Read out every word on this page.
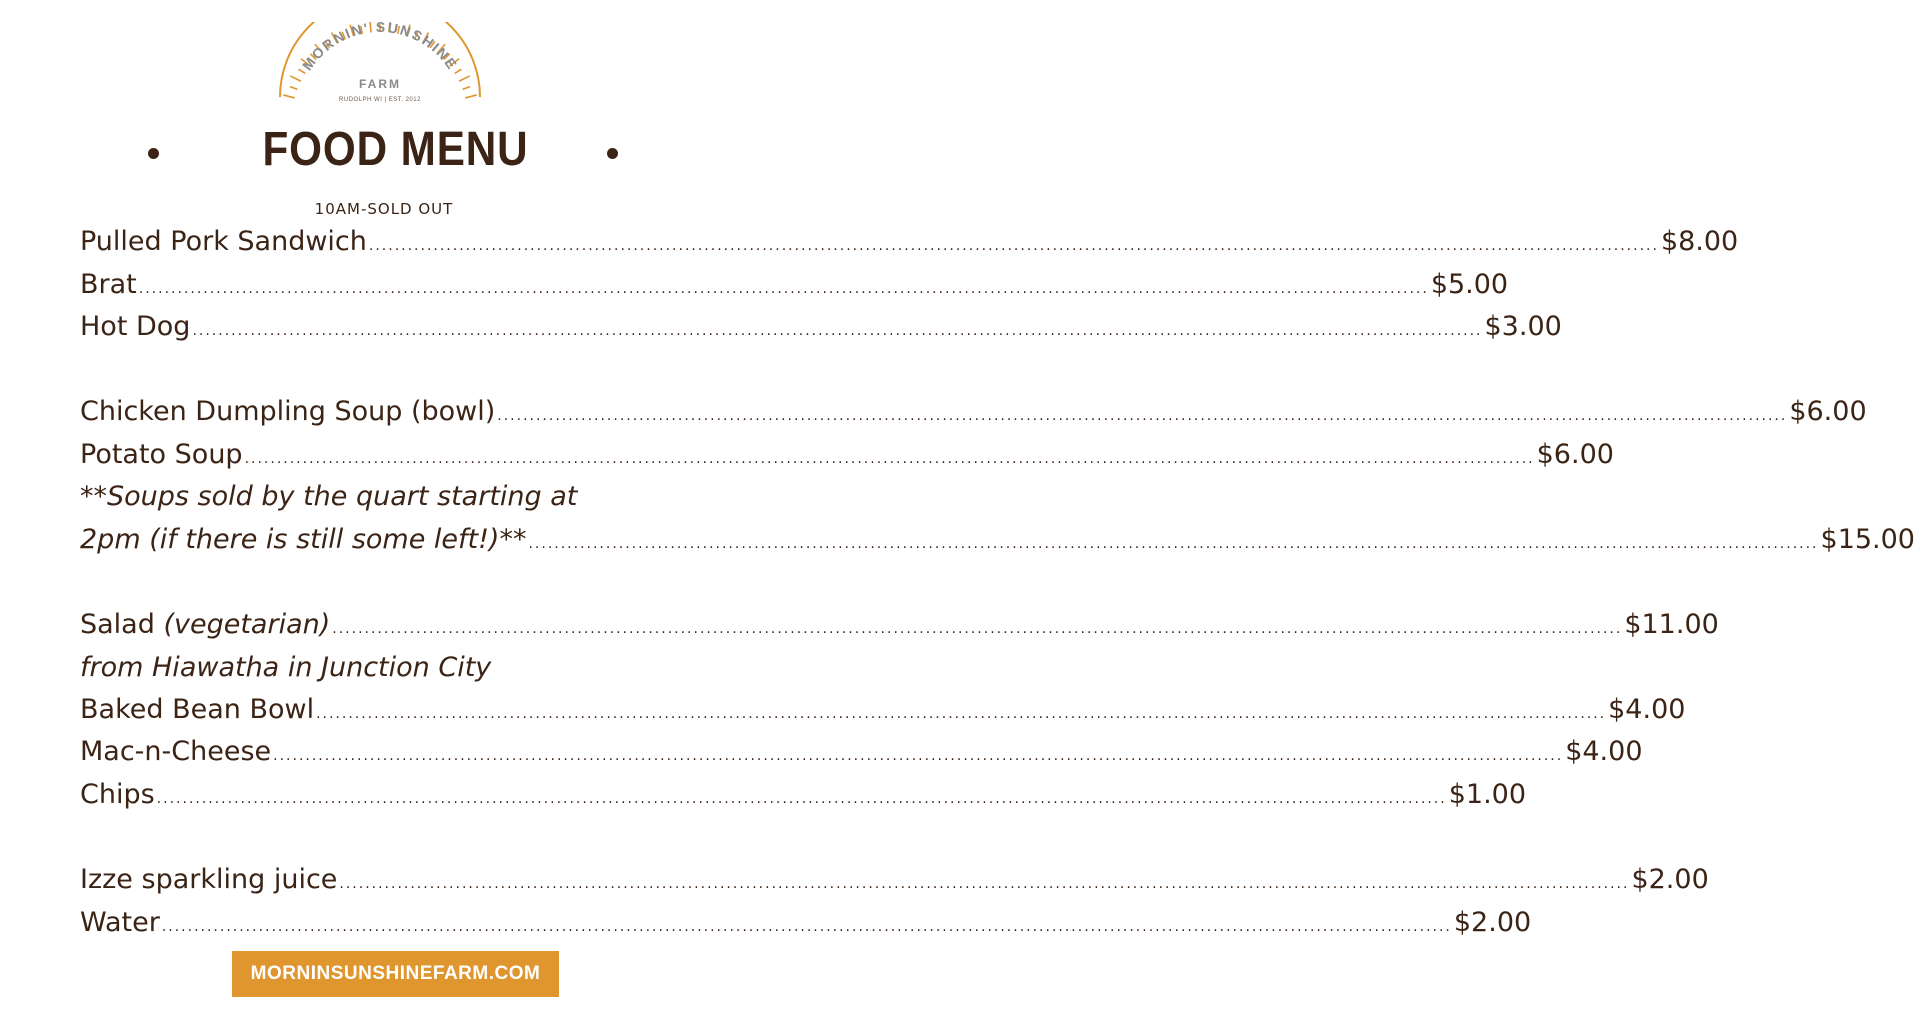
MORNIN' SUNSHINE
FARM
RUDOLPH WI | EST. 2012
FOOD MENU
10AM-SOLD OUT
Pulled Pork Sandwich ........................................................................................................................................................................................................ $8.00
Brat ........................................................................................................................................................................................................ $5.00
Hot Dog ........................................................................................................................................................................................................ $3.00
Chicken Dumpling Soup (bowl) ........................................................................................................................................................................................................ $6.00
Potato Soup ........................................................................................................................................................................................................ $6.00
**Soups sold by the quart starting at
2pm (if there is still some left!)** ........................................................................................................................................................................................................ $15.00
Salad (vegetarian) ........................................................................................................................................................................................................ $11.00
from Hiawatha in Junction City
Baked Bean Bowl ........................................................................................................................................................................................................ $4.00
Mac-n-Cheese ........................................................................................................................................................................................................ $4.00
Chips ........................................................................................................................................................................................................ $1.00
Izze sparkling juice ........................................................................................................................................................................................................ $2.00
Water ........................................................................................................................................................................................................ $2.00
MORNINSUNSHINEFARM.COM
